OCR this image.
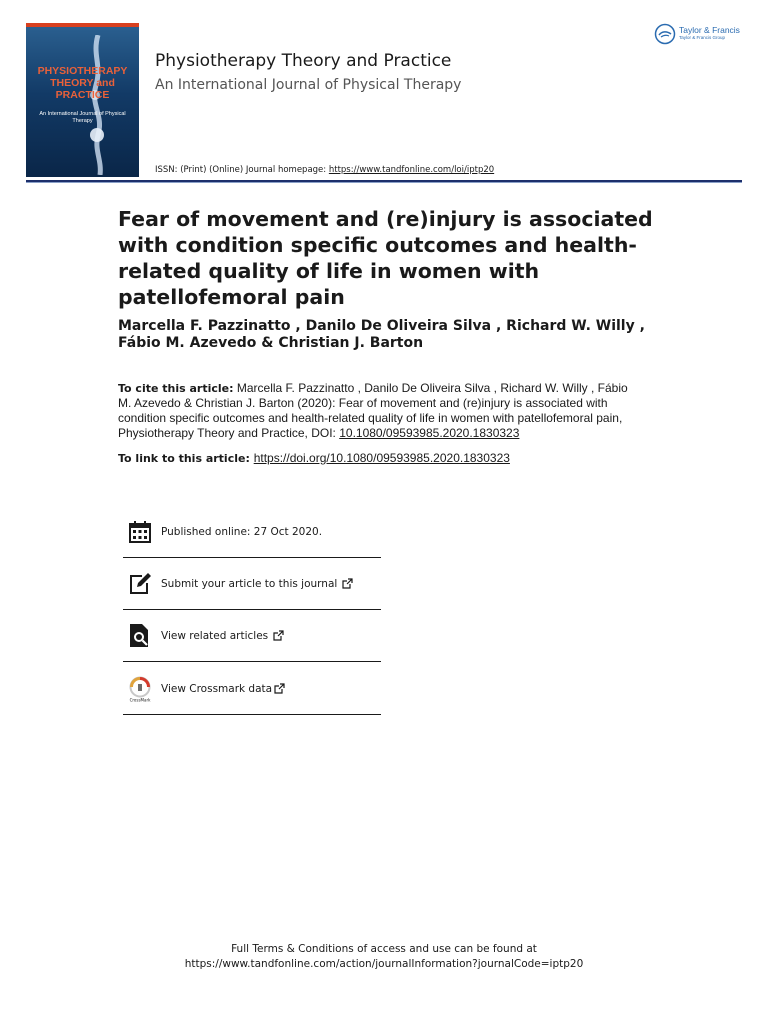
PHYSIOTHERAPY THEORY and PRACTICE
An International Journal of Physical Therapy
Physiotherapy Theory and Practice
An International Journal of Physical Therapy
ISSN: (Print) (Online) Journal homepage: https://www.tandfonline.com/loi/iptp20
Taylor & Francis
Taylor & Francis Group
Fear of movement and (re)injury is associated with condition specific outcomes and health-related quality of life in women with patellofemoral pain
Marcella F. Pazzinatto , Danilo De Oliveira Silva , Richard W. Willy , Fábio M. Azevedo & Christian J. Barton
To cite this article: Marcella F. Pazzinatto , Danilo De Oliveira Silva , Richard W. Willy , Fábio M. Azevedo & Christian J. Barton (2020): Fear of movement and (re)injury is associated with condition specific outcomes and health-related quality of life in women with patellofemoral pain, Physiotherapy Theory and Practice, DOI: 10.1080/09593985.2020.1830323
To link to this article: https://doi.org/10.1080/09593985.2020.1830323
Published online: 27 Oct 2020.
Submit your article to this journal
View related articles
CrossMark
View Crossmark data
Full Terms & Conditions of access and use can be found at
https://www.tandfonline.com/action/journalInformation?journalCode=iptp20
